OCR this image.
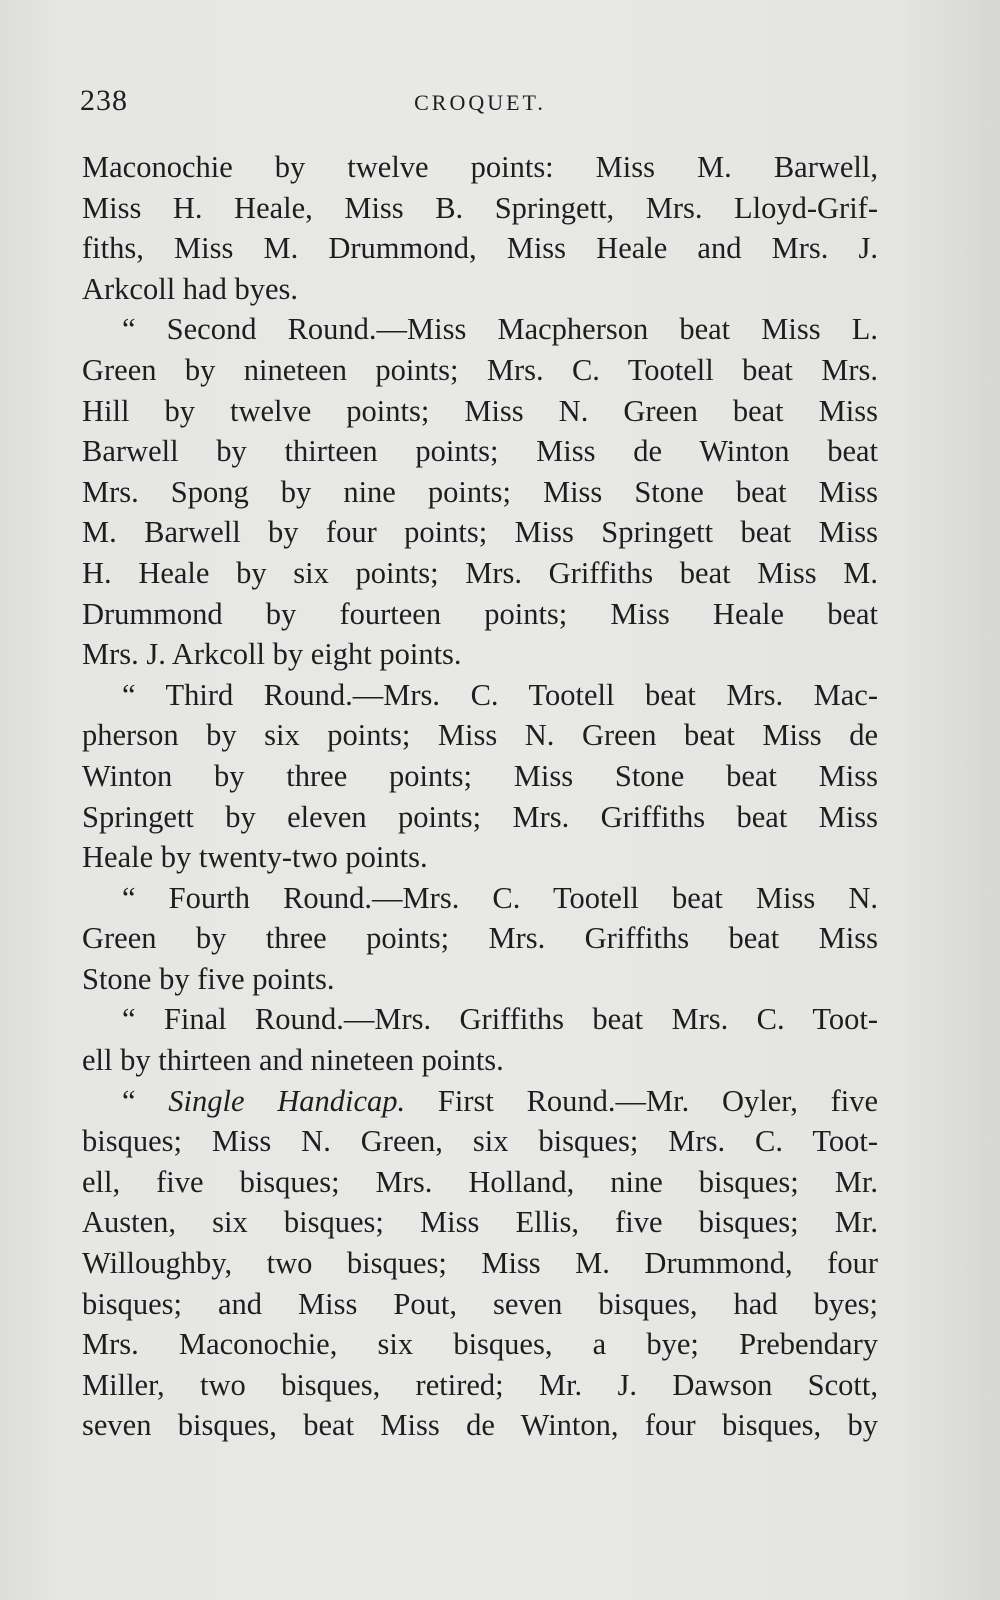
238	CROQUET.
Maconochie by twelve points: Miss M. Barwell,
Miss H. Heale, Miss B. Springett, Mrs. Lloyd-Grif-
fiths, Miss M. Drummond, Miss Heale and Mrs. J.
Arkcoll had byes.
“ Second Round.—Miss Macpherson beat Miss L.
Green by nineteen points; Mrs. C. Tootell beat Mrs.
Hill by twelve points; Miss N. Green beat Miss
Barwell by thirteen points; Miss de Winton beat
Mrs. Spong by nine points; Miss Stone beat Miss
M. Barwell by four points; Miss Springett beat Miss
H. Heale by six points; Mrs. Griffiths beat Miss M.
Drummond by fourteen points; Miss Heale beat
Mrs. J. Arkcoll by eight points.
“ Third Round.—Mrs. C. Tootell beat Mrs. Mac-
pherson by six points; Miss N. Green beat Miss de
Winton by three points; Miss Stone beat Miss
Springett by eleven points; Mrs. Griffiths beat Miss
Heale by twenty-two points.
“ Fourth Round.—Mrs. C. Tootell beat Miss N.
Green by three points; Mrs. Griffiths beat Miss
Stone by five points.
“ Final Round.—Mrs. Griffiths beat Mrs. C. Toot-
ell by thirteen and nineteen points.
“ Single Handicap. First Round.—Mr. Oyler, five
bisques; Miss N. Green, six bisques; Mrs. C. Toot-
ell, five bisques; Mrs. Holland, nine bisques; Mr.
Austen, six bisques; Miss Ellis, five bisques; Mr.
Willoughby, two bisques; Miss M. Drummond, four
bisques; and Miss Pout, seven bisques, had byes;
Mrs. Maconochie, six bisques, a bye; Prebendary
Miller, two bisques, retired; Mr. J. Dawson Scott,
seven bisques, beat Miss de Winton, four bisques, by
